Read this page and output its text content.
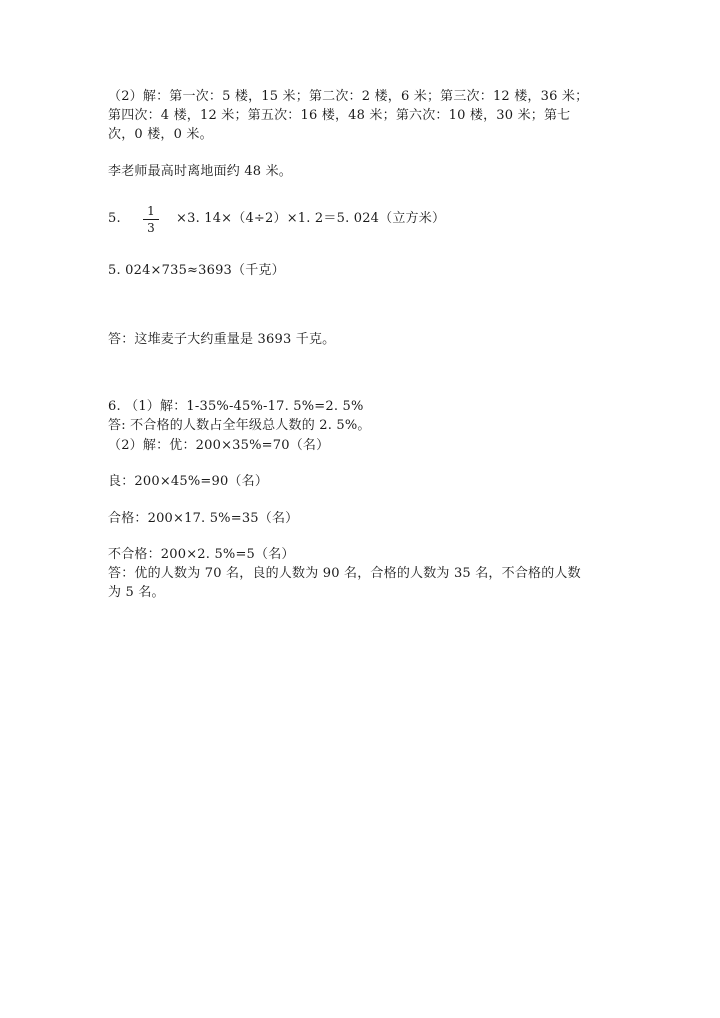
（2）解：第一次：5 楼，15 米；第二次：2 楼，6 米；第三次：12 楼，36 米；
第四次：4 楼，12 米；第五次：16 楼，48 米；第六次：10 楼，30 米；第七
次，0 楼，0 米。
李老师最高时离地面约 48 米。
5.	1
3
×3. 14×（4÷2）×1. 2＝5. 024（立方米）
5. 024×735≈3693（千克）
答：这堆麦子大约重量是 3693 千克。
6. （1）解：1-35%-45%-17. 5%=2. 5%
答: 不合格的人数占全年级总人数的 2. 5%。
（2）解：优：200×35%=70（名）
良：200×45%=90（名）
合格：200×17. 5%=35（名）
不合格：200×2. 5%=5（名）
答：优的人数为 70 名，良的人数为 90 名，合格的人数为 35 名，不合格的人数
为 5 名。
